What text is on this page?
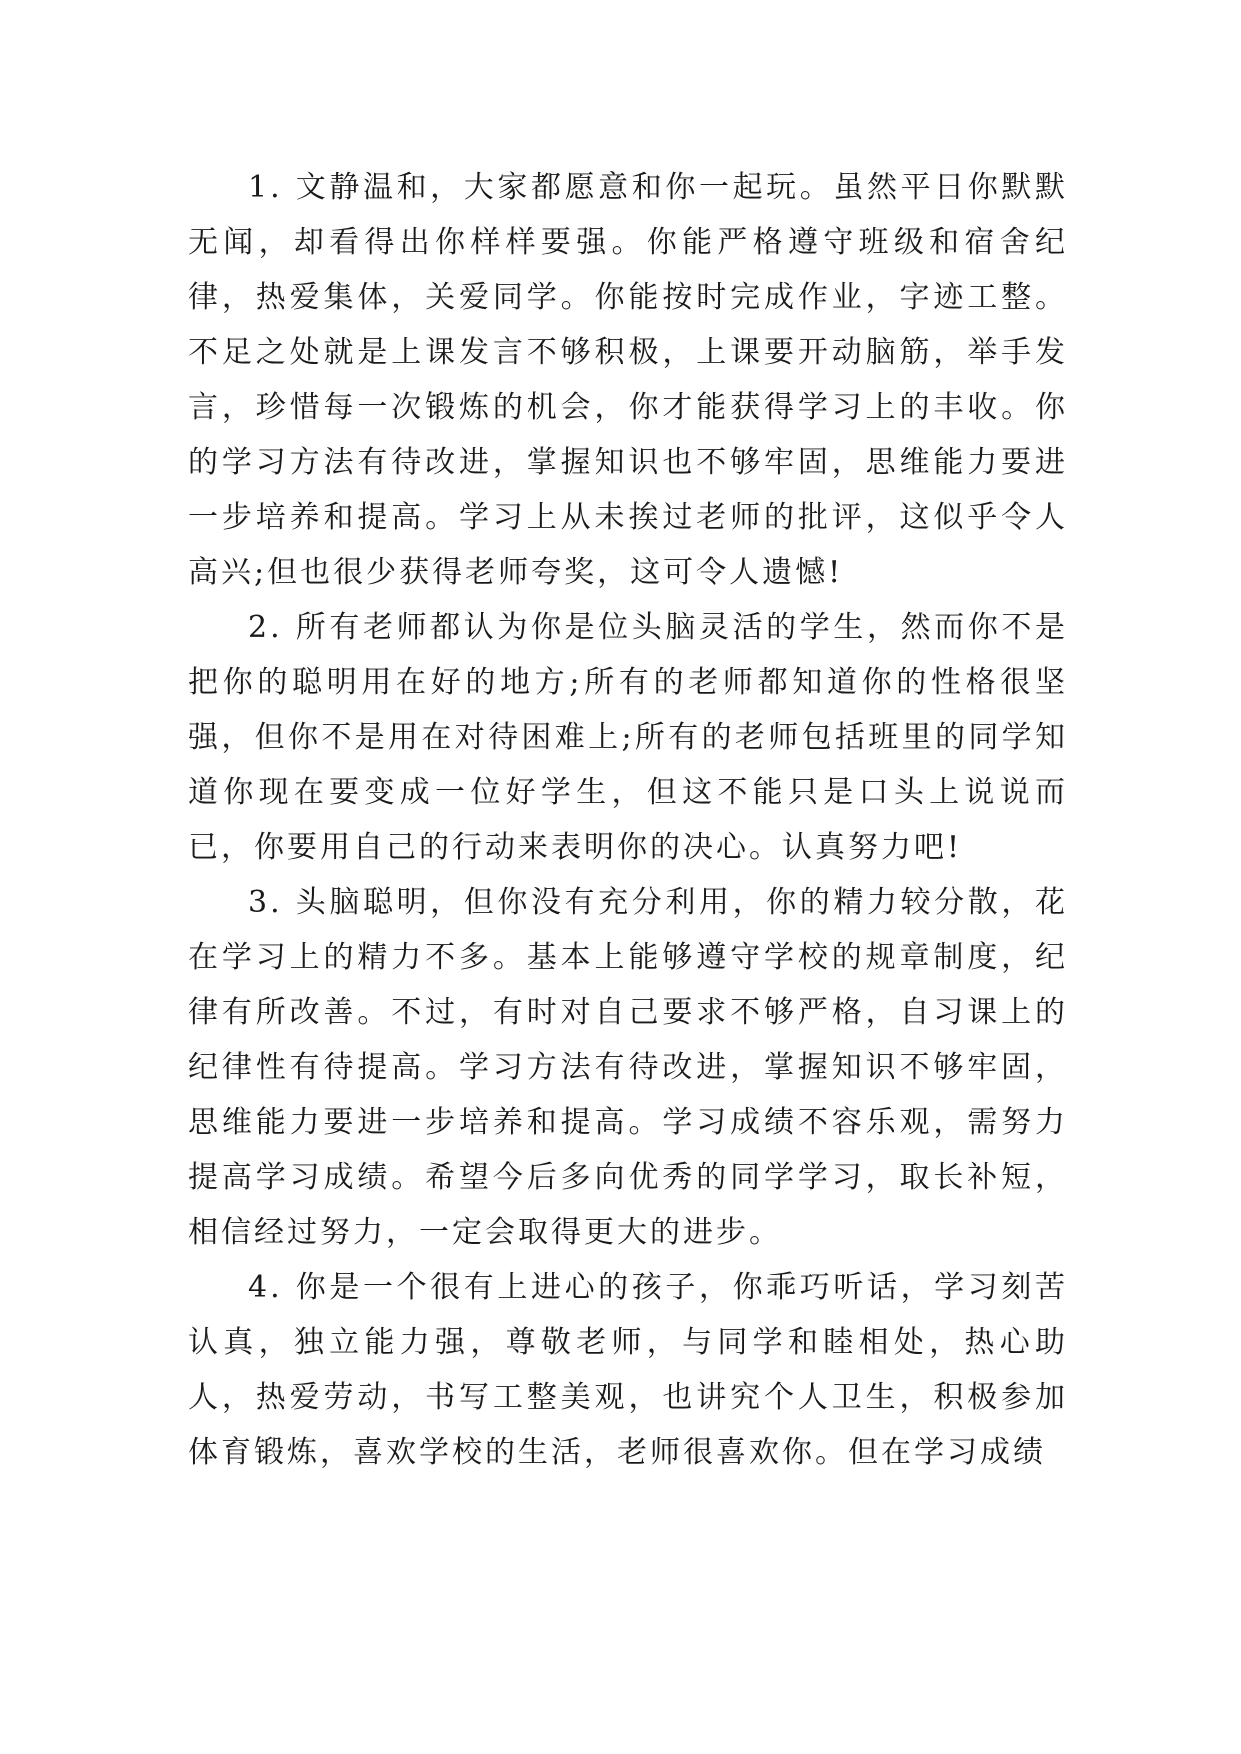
1. 文静温和，大家都愿意和你一起玩。虽然平日你默默无闻，却看得出你样样要强。你能严格遵守班级和宿舍纪律，热爱集体，关爱同学。你能按时完成作业，字迹工整。不足之处就是上课发言不够积极，上课要开动脑筋，举手发言，珍惜每一次锻炼的机会，你才能获得学习上的丰收。你的学习方法有待改进，掌握知识也不够牢固，思维能力要进一步培养和提高。学习上从未挨过老师的批评，这似乎令人高兴;但也很少获得老师夸奖，这可令人遗憾!

2. 所有老师都认为你是位头脑灵活的学生，然而你不是把你的聪明用在好的地方;所有的老师都知道你的性格很坚强，但你不是用在对待困难上;所有的老师包括班里的同学知道你现在要变成一位好学生，但这不能只是口头上说说而已，你要用自己的行动来表明你的决心。认真努力吧!

3. 头脑聪明，但你没有充分利用，你的精力较分散，花在学习上的精力不多。基本上能够遵守学校的规章制度，纪律有所改善。不过，有时对自己要求不够严格，自习课上的纪律性有待提高。学习方法有待改进，掌握知识不够牢固，思维能力要进一步培养和提高。学习成绩不容乐观，需努力提高学习成绩。希望今后多向优秀的同学学习，取长补短，相信经过努力，一定会取得更大的进步。

4. 你是一个很有上进心的孩子，你乖巧听话，学习刻苦认真，独立能力强，尊敬老师，与同学和睦相处，热心助人，热爱劳动，书写工整美观，也讲究个人卫生，积极参加体育锻炼，喜欢学校的生活，老师很喜欢你。但在学习成绩
